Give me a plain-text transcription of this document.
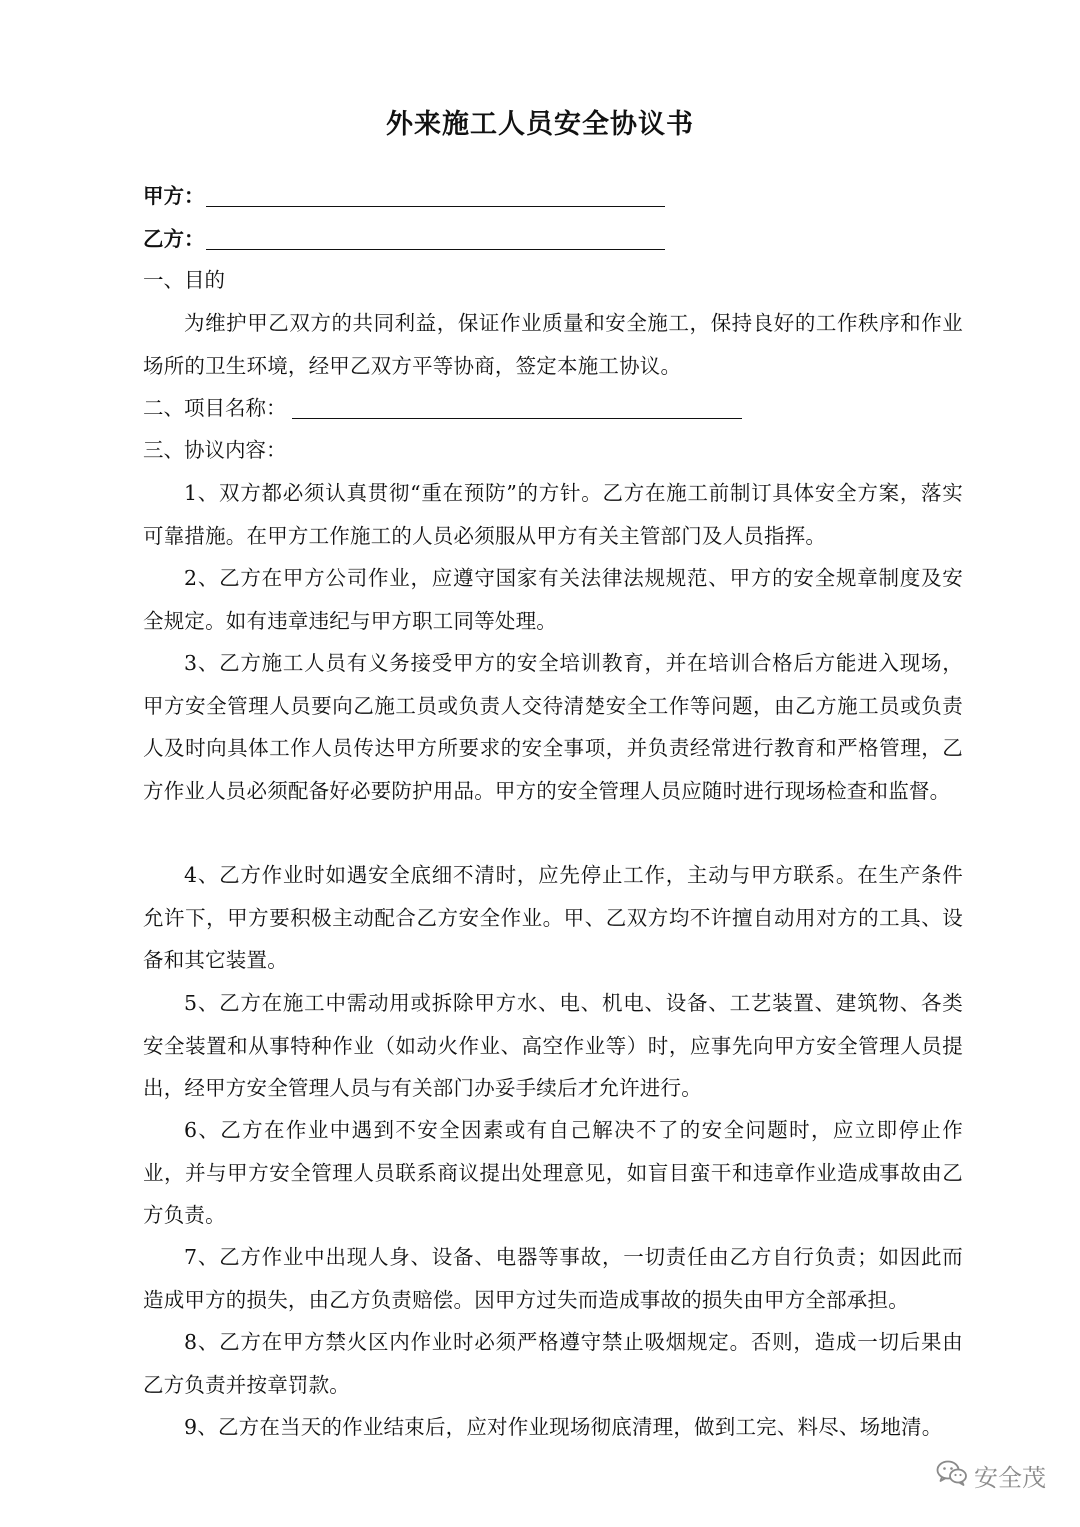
外来施工人员安全协议书
甲方：
乙方：
一、目的
为维护甲乙双方的共同利益，保证作业质量和安全施工，保持良好的工作秩序和作业场所的卫生环境，经甲乙双方平等协商，签定本施工协议。
二、项目名称：
三、协议内容：
1、双方都必须认真贯彻“重在预防”的方针。乙方在施工前制订具体安全方案，落实可靠措施。在甲方工作施工的人员必须服从甲方有关主管部门及人员指挥。
2、乙方在甲方公司作业，应遵守国家有关法律法规规范、甲方的安全规章制度及安全规定。如有违章违纪与甲方职工同等处理。
3、乙方施工人员有义务接受甲方的安全培训教育，并在培训合格后方能进入现场，甲方安全管理人员要向乙施工员或负责人交待清楚安全工作等问题，由乙方施工员或负责人及时向具体工作人员传达甲方所要求的安全事项，并负责经常进行教育和严格管理，乙方作业人员必须配备好必要防护用品。甲方的安全管理人员应随时进行现场检查和监督。
4、乙方作业时如遇安全底细不清时，应先停止工作，主动与甲方联系。在生产条件允许下，甲方要积极主动配合乙方安全作业。甲、乙双方均不许擅自动用对方的工具、设备和其它装置。
5、乙方在施工中需动用或拆除甲方水、电、机电、设备、工艺装置、建筑物、各类安全装置和从事特种作业（如动火作业、高空作业等）时，应事先向甲方安全管理人员提出，经甲方安全管理人员与有关部门办妥手续后才允许进行。
6、乙方在作业中遇到不安全因素或有自己解决不了的安全问题时，应立即停止作业，并与甲方安全管理人员联系商议提出处理意见，如盲目蛮干和违章作业造成事故由乙方负责。
7、乙方作业中出现人身、设备、电器等事故，一切责任由乙方自行负责；如因此而造成甲方的损失，由乙方负责赔偿。因甲方过失而造成事故的损失由甲方全部承担。
8、乙方在甲方禁火区内作业时必须严格遵守禁止吸烟规定。否则，造成一切后果由乙方负责并按章罚款。
9、乙方在当天的作业结束后，应对作业现场彻底清理，做到工完、料尽、场地清。
安全茂
